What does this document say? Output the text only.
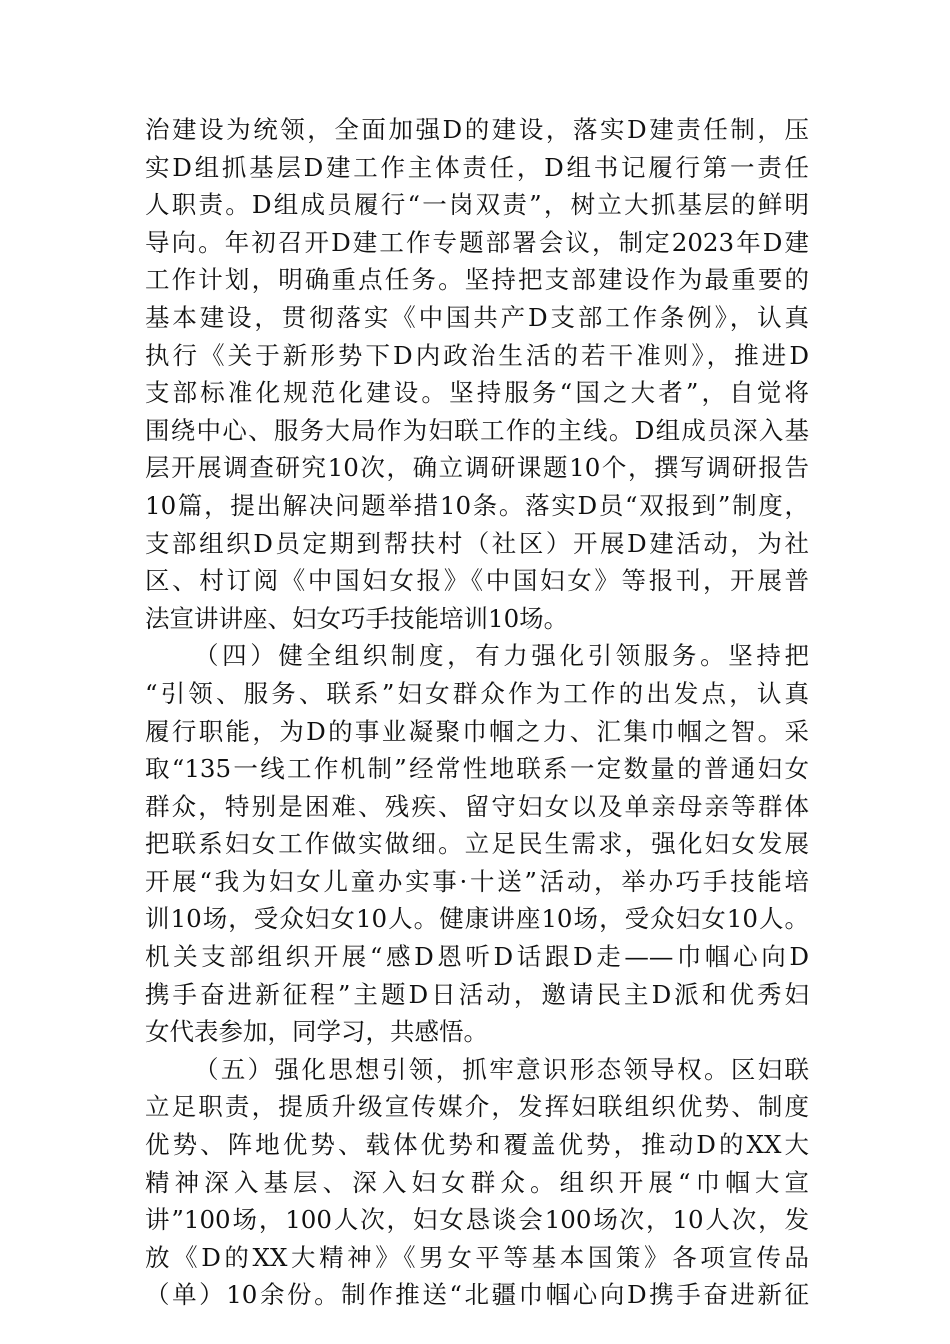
治建设为统领，全面加强D的建设，落实D建责任制，压
实D组抓基层D建工作主体责任，D组书记履行第一责任
人职责。D组成员履行“一岗双责”，树立大抓基层的鲜明
导向。年初召开D建工作专题部署会议，制定2023年D建
工作计划，明确重点任务。坚持把支部建设作为最重要的
基本建设，贯彻落实《中国共产D支部工作条例》，认真
执行《关于新形势下D内政治生活的若干准则》，推进D
支部标准化规范化建设。坚持服务“国之大者”，自觉将
围绕中心、服务大局作为妇联工作的主线。D组成员深入基
层开展调查研究10次，确立调研课题10个，撰写调研报告
10篇，提出解决问题举措10条。落实D员“双报到”制度，
支部组织D员定期到帮扶村（社区）开展D建活动，为社
区、村订阅《中国妇女报》《中国妇女》等报刊，开展普
法宣讲讲座、妇女巧手技能培训10场。
（四）健全组织制度，有力强化引领服务。坚持把
“引领、服务、联系”妇女群众作为工作的出发点，认真
履行职能，为D的事业凝聚巾帼之力、汇集巾帼之智。采
取“135一线工作机制”经常性地联系一定数量的普通妇女
群众，特别是困难、残疾、留守妇女以及单亲母亲等群体
把联系妇女工作做实做细。立足民生需求，强化妇女发展
开展“我为妇女儿童办实事·十送”活动，举办巧手技能培
训10场，受众妇女10人。健康讲座10场，受众妇女10人。
机关支部组织开展“感D恩听D话跟D走——巾帼心向D
携手奋进新征程”主题D日活动，邀请民主D派和优秀妇
女代表参加，同学习，共感悟。
（五）强化思想引领，抓牢意识形态领导权。区妇联
立足职责，提质升级宣传媒介，发挥妇联组织优势、制度
优势、阵地优势、载体优势和覆盖优势，推动D的XX大
精神深入基层、深入妇女群众。组织开展“巾帼大宣
讲”100场，100人次，妇女恳谈会100场次，10人次，发
放《D的XX大精神》《男女平等基本国策》各项宣传品
（单）10余份。制作推送“北疆巾帼心向D携手奋进新征
